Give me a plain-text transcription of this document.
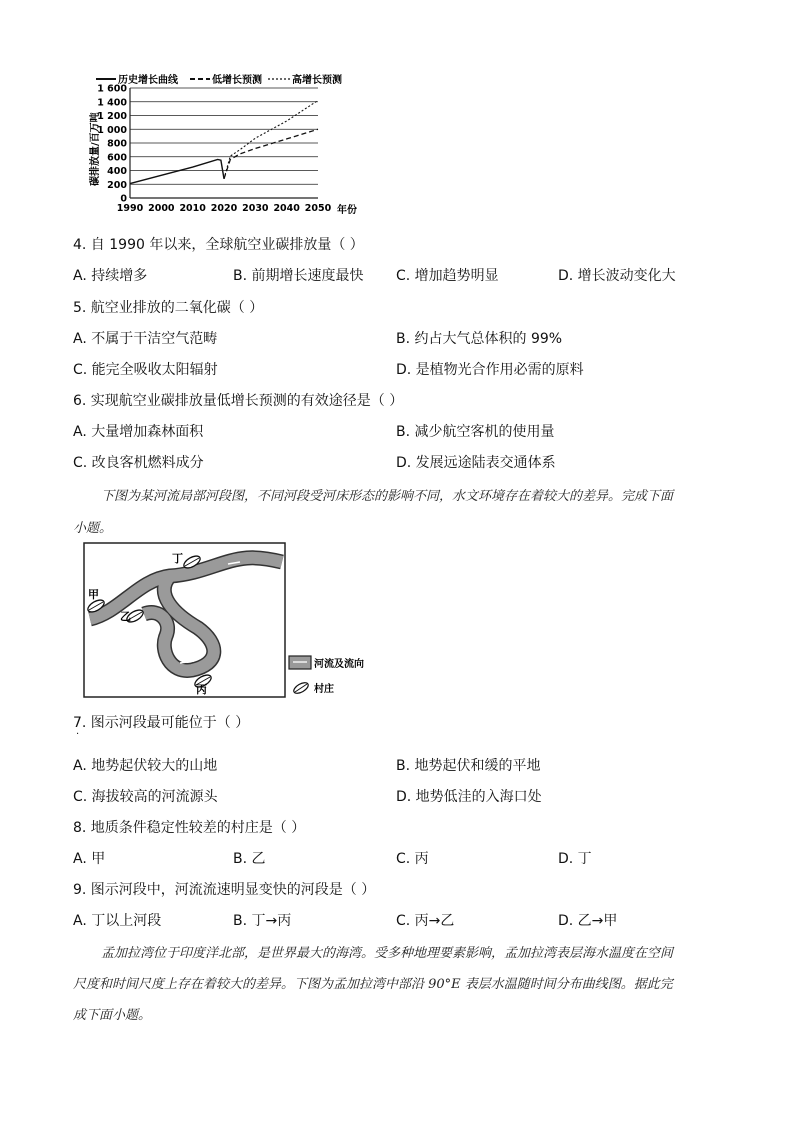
历史增长曲线	低增长预测	高增长预测
碳排放量/百万吨
0
200
400
600
800
1 000
1 200
1 400
1 600
1990 2000 2010 2020 2030 2040 2050 年份
4. 自 1990 年以来，全球航空业碳排放量（ ）
A. 持续增多	B. 前期增长速度最快 C. 增加趋势明显	D. 增长波动变化大
5. 航空业排放的二氧化碳（ ）
A. 不属于干洁空气范畴	B. 约占大气总体积的 99%
C. 能完全吸收太阳辐射	D. 是植物光合作用必需的原料
6. 实现航空业碳排放量低增长预测的有效途径是（ ）
A. 大量增加森林面积	B. 减少航空客机的使用量
C. 改良客机燃料成分	D. 发展远途陆表交通体系
下图为某河流局部河段图，不同河段受河床形态的影响不同，水文环境存在着较大的差异。完成下面
小题。
丁
甲
乙
丙
河流及流向
村庄
7. 图示河段最可能位于（ ）
·
A. 地势起伏较大的山地	B. 地势起伏和缓的平地
C. 海拔较高的河流源头	D. 地势低洼的入海口处
8. 地质条件稳定性较差的村庄是（ ）
A. 甲	B. 乙	C. 丙	D. 丁
9. 图示河段中，河流流速明显变快的河段是（ ）
A. 丁以上河段	B. 丁→丙	C. 丙→乙	D. 乙→甲
孟加拉湾位于印度洋北部，是世界最大的海湾。受多种地理要素影响，孟加拉湾表层海水温度在空间
尺度和时间尺度上存在着较大的差异。下图为孟加拉湾中部沿 90°E 表层水温随时间分布曲线图。据此完
成下面小题。
